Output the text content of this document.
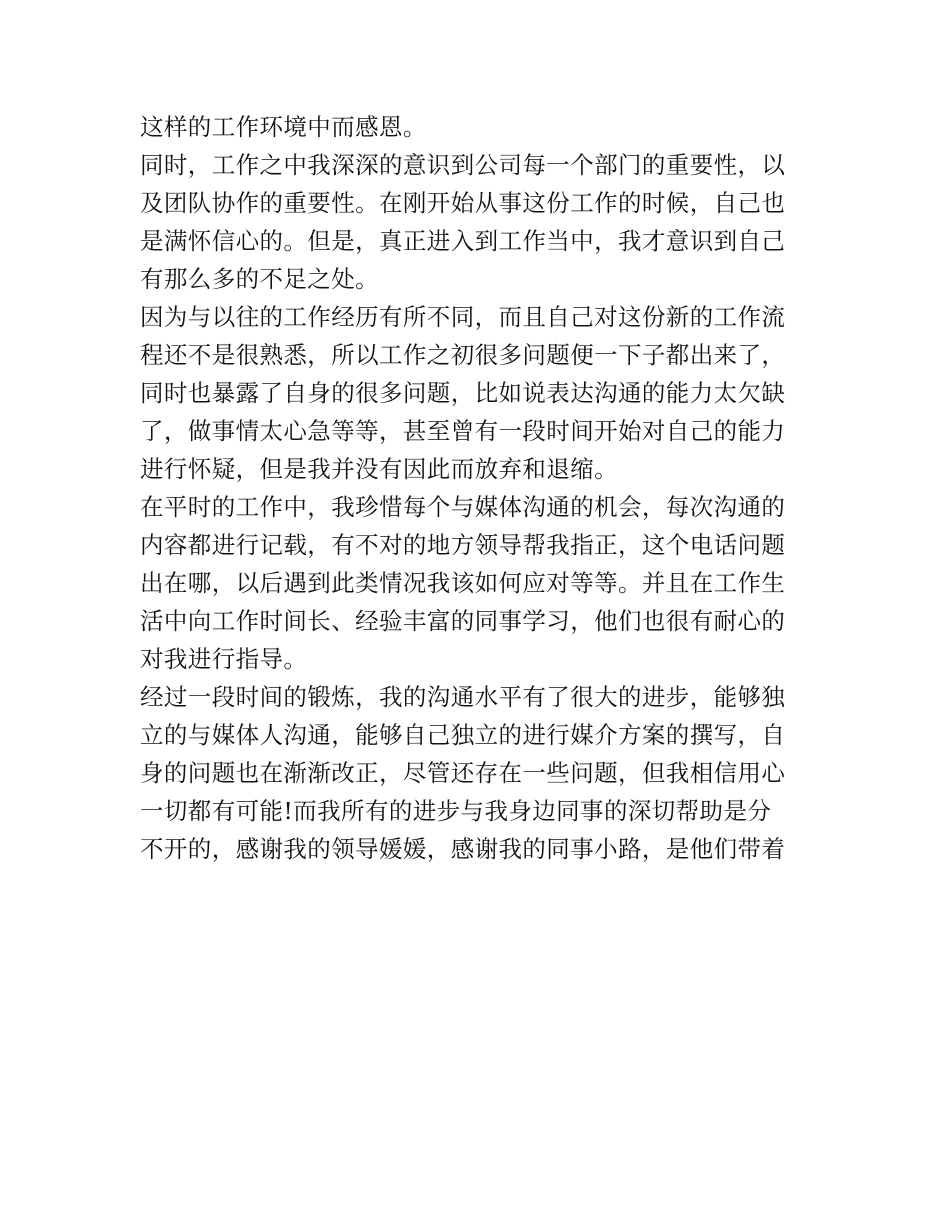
这样的工作环境中而感恩。
同时，工作之中我深深的意识到公司每一个部门的重要性，以
及团队协作的重要性。在刚开始从事这份工作的时候，自己也
是满怀信心的。但是，真正进入到工作当中，我才意识到自己
有那么多的不足之处。
因为与以往的工作经历有所不同，而且自己对这份新的工作流
程还不是很熟悉，所以工作之初很多问题便一下子都出来了，
同时也暴露了自身的很多问题，比如说表达沟通的能力太欠缺
了，做事情太心急等等，甚至曾有一段时间开始对自己的能力
进行怀疑，但是我并没有因此而放弃和退缩。
在平时的工作中，我珍惜每个与媒体沟通的机会，每次沟通的
内容都进行记载，有不对的地方领导帮我指正，这个电话问题
出在哪，以后遇到此类情况我该如何应对等等。并且在工作生
活中向工作时间长、经验丰富的同事学习，他们也很有耐心的
对我进行指导。
经过一段时间的锻炼，我的沟通水平有了很大的进步，能够独
立的与媒体人沟通，能够自己独立的进行媒介方案的撰写，自
身的问题也在渐渐改正，尽管还存在一些问题，但我相信用心
一切都有可能!而我所有的进步与我身边同事的深切帮助是分
不开的，感谢我的领导媛媛，感谢我的同事小路，是他们带着
